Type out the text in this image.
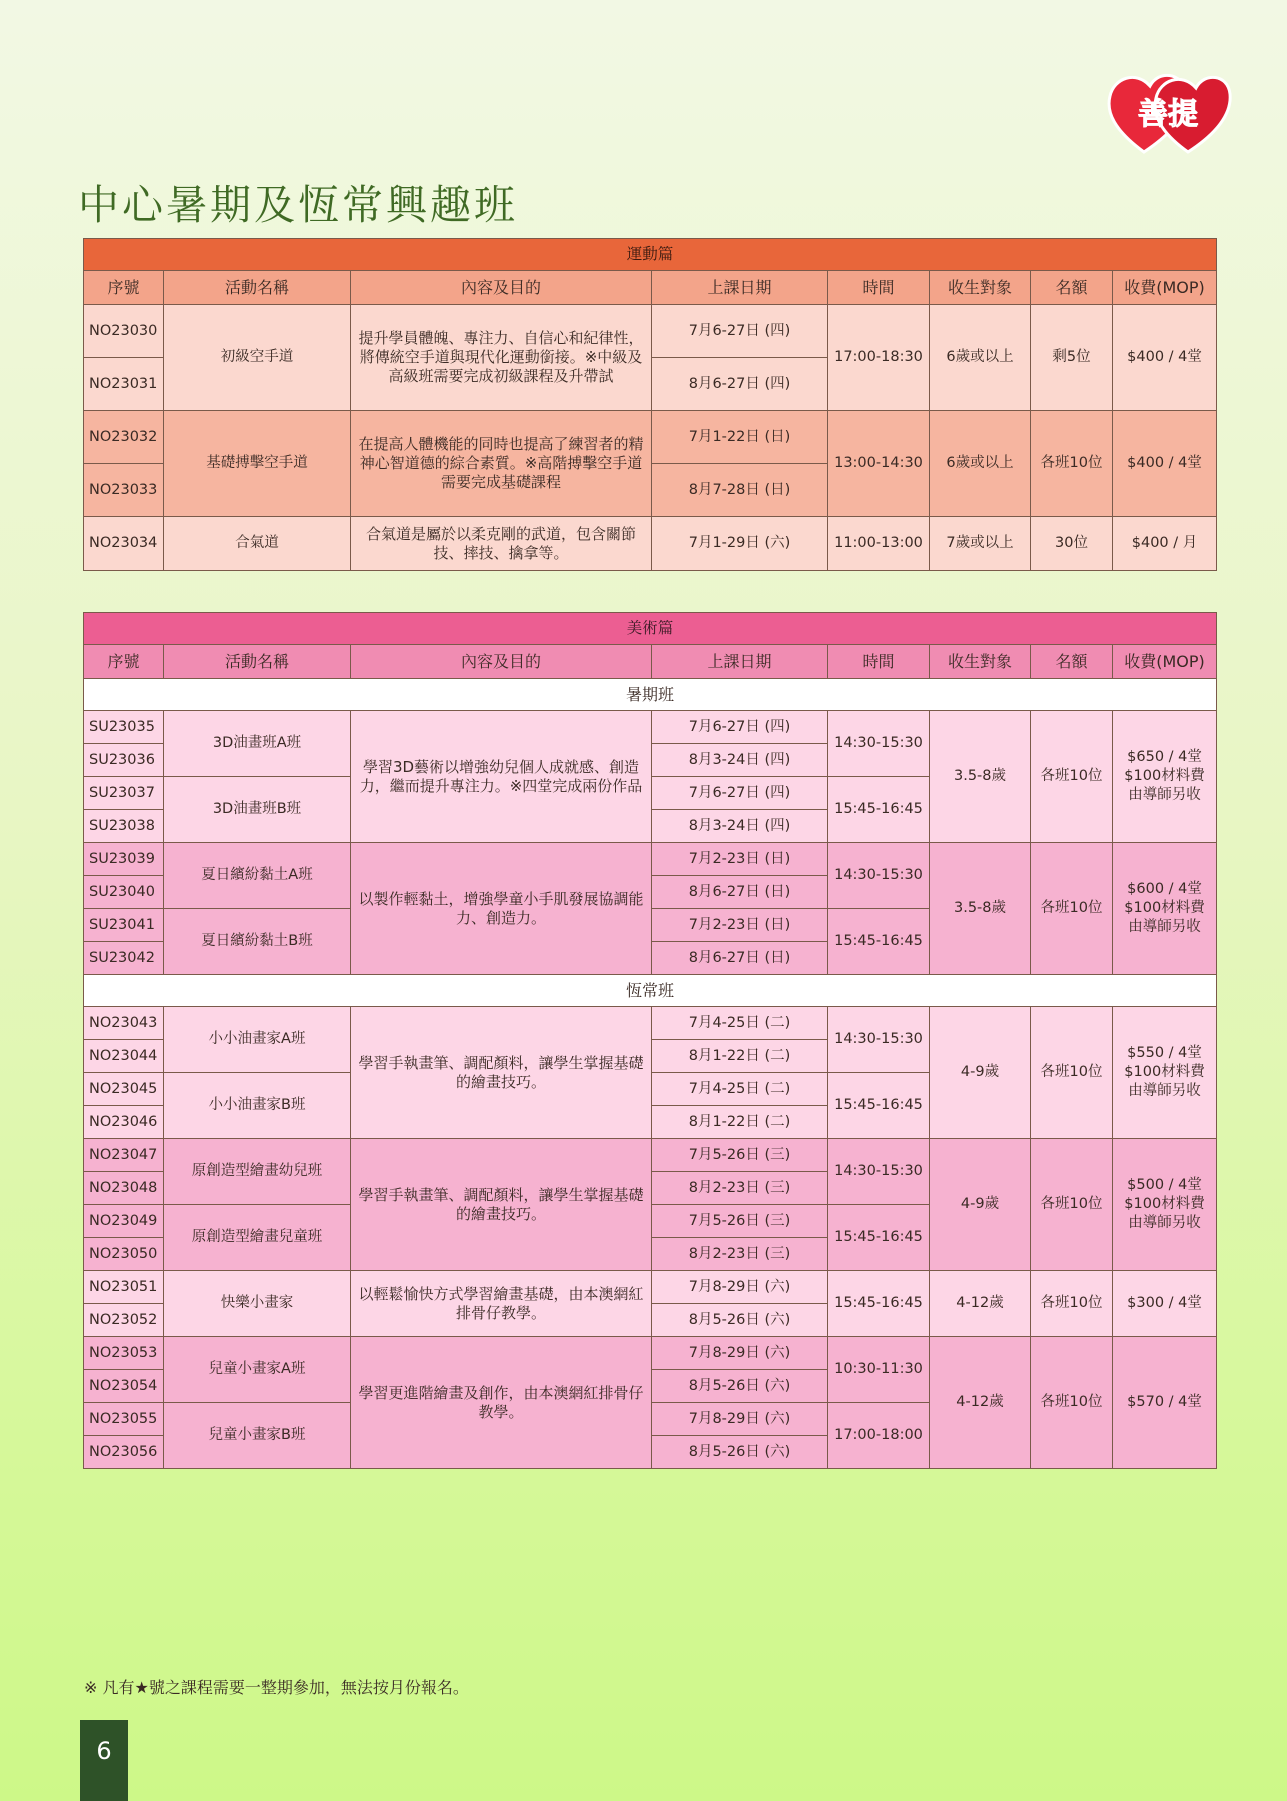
善提
中心暑期及恆常興趣班
運動篇							
序號	活動名稱	內容及目的	上課日期	時間	收生對象	名額	收費(MOP)
NO23030	初級空手道	提升學員體魄、專注力、自信心和紀律性，將傳統空手道與現代化運動銜接。※中級及高級班需要完成初級課程及升帶試	7月6-27日 (四)	17:00-18:30	6歲或以上	剩5位	$400 / 4堂
NO23031			8月6-27日 (四)				
NO23032	基礎搏擊空手道	在提高人體機能的同時也提高了練習者的精神心智道德的綜合素質。※高階搏擊空手道需要完成基礎課程	7月1-22日 (日)	13:00-14:30	6歲或以上	各班10位	$400 / 4堂
NO23033			8月7-28日 (日)				
NO23034	合氣道	合氣道是屬於以柔克剛的武道，包含關節技、摔技、擒拿等。	7月1-29日 (六)	11:00-13:00	7歲或以上	30位	$400 / 月
美術篇							
序號	活動名稱	內容及目的	上課日期	時間	收生對象	名額	收費(MOP)
暑期班							
SU23035	3D油畫班A班	學習3D藝術以增強幼兒個人成就感、創造力，繼而提升專注力。※四堂完成兩份作品	7月6-27日 (四)	14:30-15:30	3.5-8歲	各班10位	$650 / 4堂
$100材料費
由導師另收
SU23036			8月3-24日 (四)				
SU23037	3D油畫班B班		7月6-27日 (四)	15:45-16:45			
SU23038			8月3-24日 (四)				
SU23039	夏日繽紛黏土A班	以製作輕黏土，增強學童小手肌發展協調能力、創造力。	7月2-23日 (日)	14:30-15:30	3.5-8歲	各班10位	$600 / 4堂
$100材料費
由導師另收
SU23040			8月6-27日 (日)				
SU23041	夏日繽紛黏土B班		7月2-23日 (日)	15:45-16:45			
SU23042			8月6-27日 (日)				
恆常班							
NO23043	小小油畫家A班	學習手執畫筆、調配顏料，讓學生掌握基礎的繪畫技巧。	7月4-25日 (二)	14:30-15:30	4-9歲	各班10位	$550 / 4堂
$100材料費
由導師另收
NO23044			8月1-22日 (二)				
NO23045	小小油畫家B班		7月4-25日 (二)	15:45-16:45			
NO23046			8月1-22日 (二)				
NO23047	原創造型繪畫幼兒班	學習手執畫筆、調配顏料，讓學生掌握基礎的繪畫技巧。	7月5-26日 (三)	14:30-15:30	4-9歲	各班10位	$500 / 4堂
$100材料費
由導師另收
NO23048			8月2-23日 (三)				
NO23049	原創造型繪畫兒童班		7月5-26日 (三)	15:45-16:45			
NO23050			8月2-23日 (三)				
NO23051	快樂小畫家	以輕鬆愉快方式學習繪畫基礎，由本澳網紅排骨仔教學。	7月8-29日 (六)	15:45-16:45	4-12歲	各班10位	$300 / 4堂
NO23052			8月5-26日 (六)				
NO23053	兒童小畫家A班	學習更進階繪畫及創作，由本澳網紅排骨仔教學。	7月8-29日 (六)	10:30-11:30	4-12歲	各班10位	$570 / 4堂
NO23054			8月5-26日 (六)				
NO23055	兒童小畫家B班		7月8-29日 (六)	17:00-18:00			
NO23056			8月5-26日 (六)				
※ 凡有★號之課程需要一整期參加，無法按月份報名。
6
